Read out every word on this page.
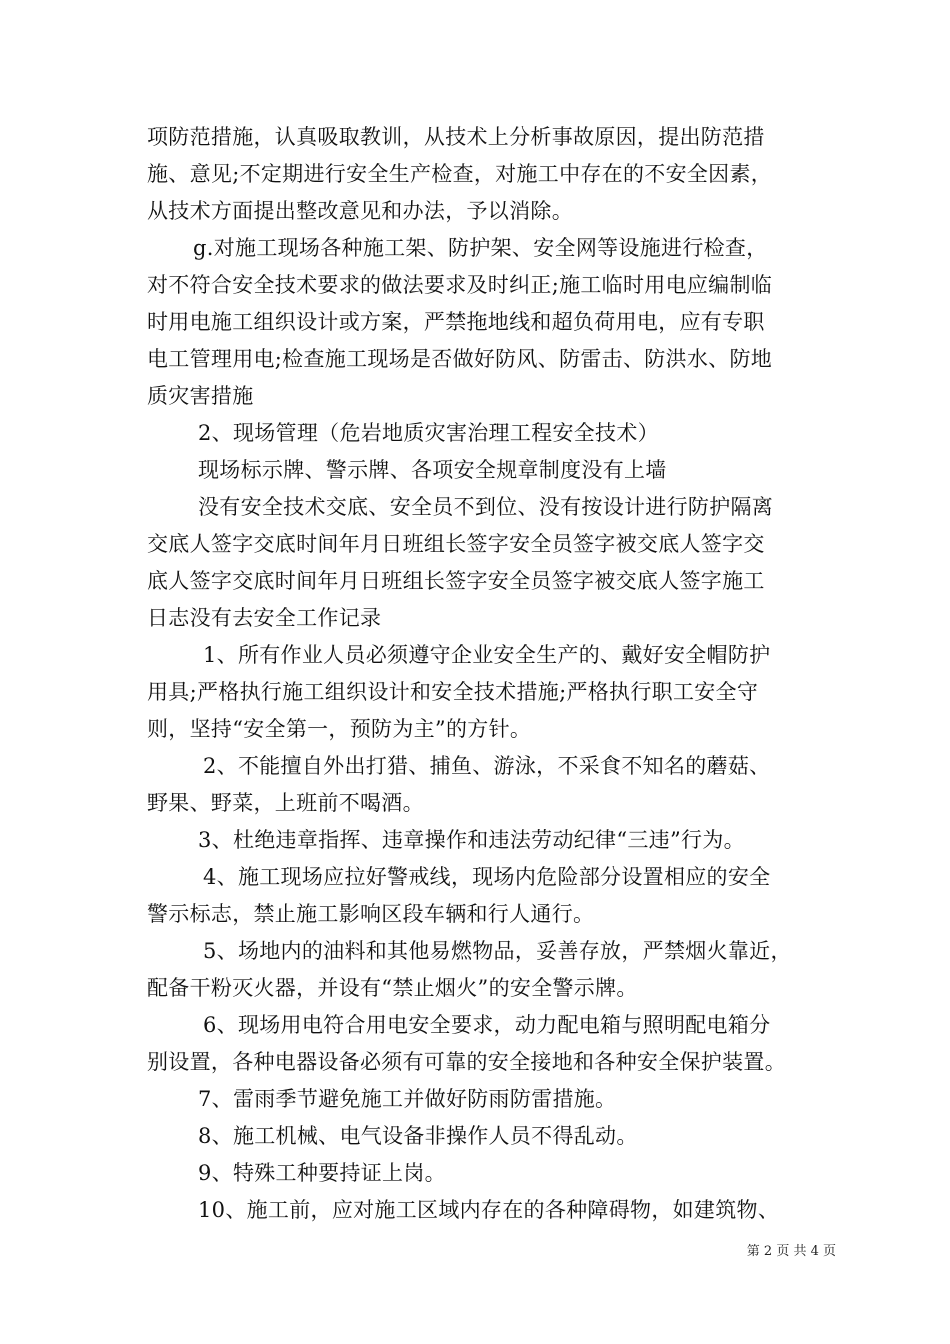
项防范措施，认真吸取教训，从技术上分析事故原因，提出防范措
施、意见;不定期进行安全生产检查，对施工中存在的不安全因素，
从技术方面提出整改意见和办法，予以消除。
g.对施工现场各种施工架、防护架、安全网等设施进行检查，
对不符合安全技术要求的做法要求及时纠正;施工临时用电应编制临
时用电施工组织设计或方案，严禁拖地线和超负荷用电，应有专职
电工管理用电;检查施工现场是否做好防风、防雷击、防洪水、防地
质灾害措施
2、现场管理（危岩地质灾害治理工程安全技术）
现场标示牌、警示牌、各项安全规章制度没有上墙
没有安全技术交底、安全员不到位、没有按设计进行防护隔离
交底人签字交底时间年月日班组长签字安全员签字被交底人签字交
底人签字交底时间年月日班组长签字安全员签字被交底人签字施工
日志没有去安全工作记录
1、所有作业人员必须遵守企业安全生产的、戴好安全帽防护
用具;严格执行施工组织设计和安全技术措施;严格执行职工安全守
则，坚持“安全第一，预防为主”的方针。
2、不能擅自外出打猎、捕鱼、游泳，不采食不知名的蘑菇、
野果、野菜，上班前不喝酒。
3、杜绝违章指挥、违章操作和违法劳动纪律“三违”行为。
4、施工现场应拉好警戒线，现场内危险部分设置相应的安全
警示标志，禁止施工影响区段车辆和行人通行。
5、场地内的油料和其他易燃物品，妥善存放，严禁烟火靠近，
配备干粉灭火器，并设有“禁止烟火”的安全警示牌。
6、现场用电符合用电安全要求，动力配电箱与照明配电箱分
别设置，各种电器设备必须有可靠的安全接地和各种安全保护装置。
7、雷雨季节避免施工并做好防雨防雷措施。
8、施工机械、电气设备非操作人员不得乱动。
9、特殊工种要持证上岗。
10、施工前，应对施工区域内存在的各种障碍物，如建筑物、
第 2 页 共 4 页
